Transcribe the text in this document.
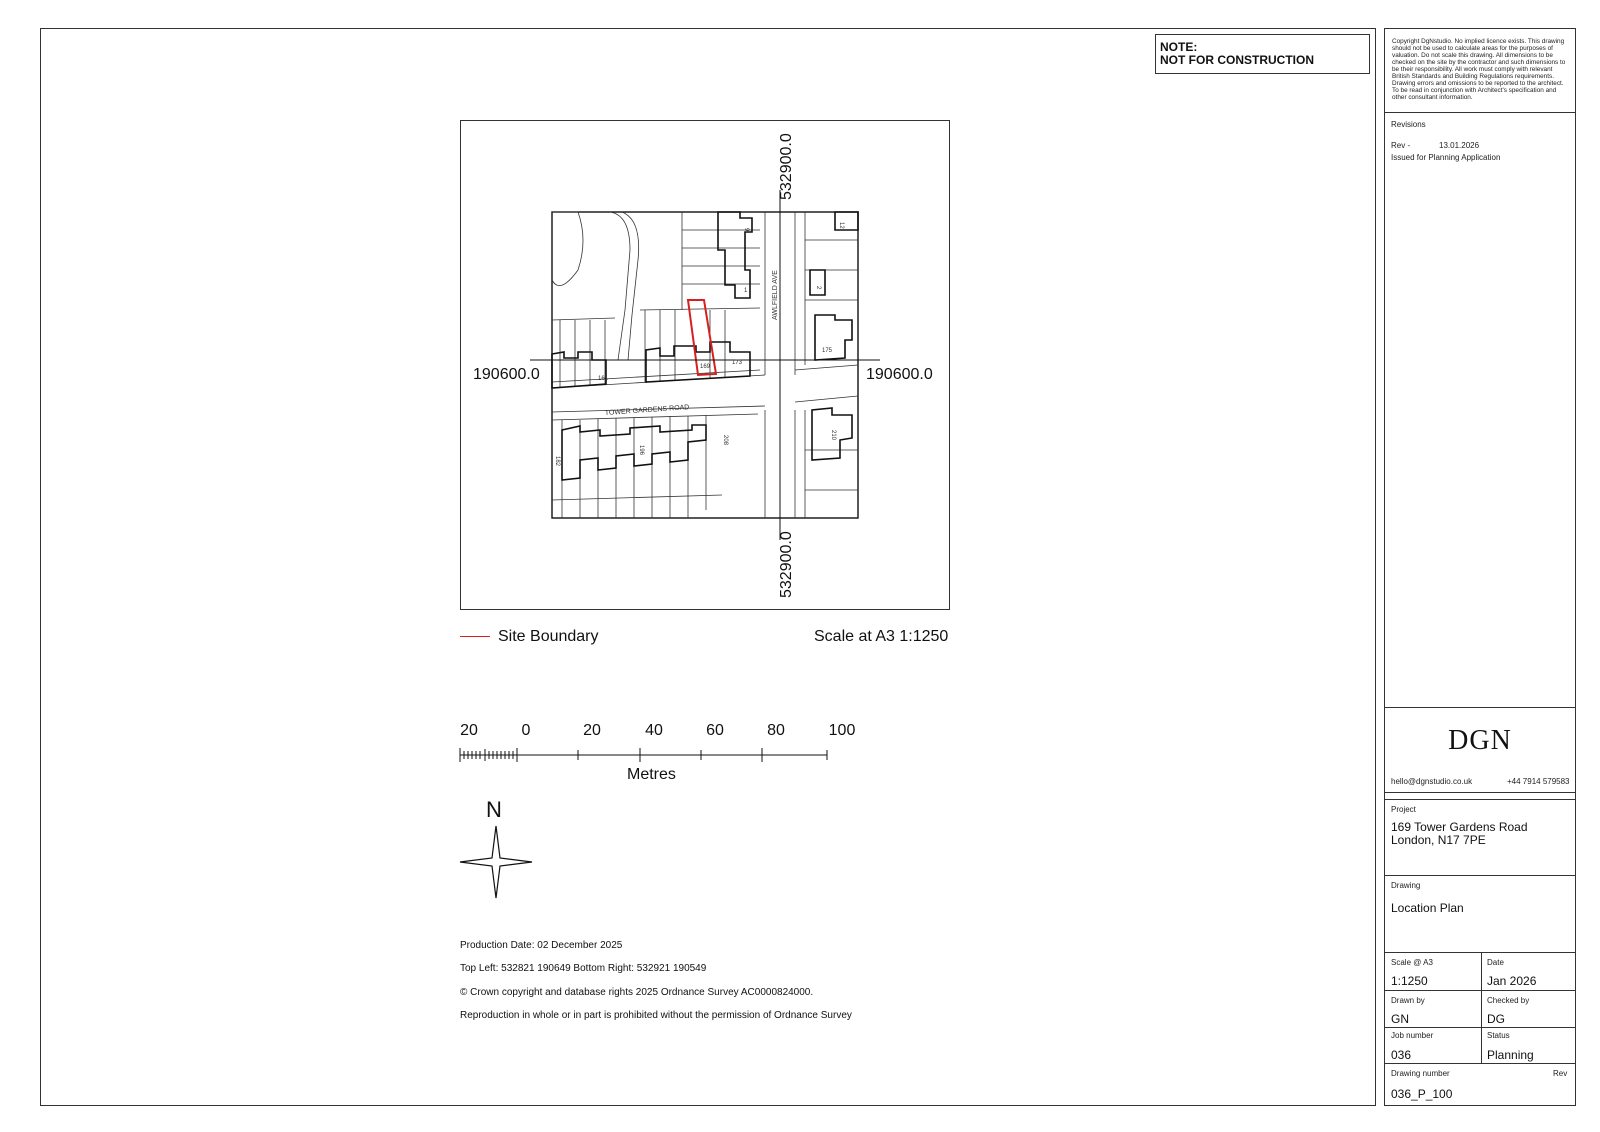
NOTE:
NOT FOR CONSTRUCTION
TOWER GARDENS ROAD
AWLFIELD AVE
169
173
161
175
210
196
208
182
9
1
2
12
532900.0
532900.0
190600.0	190600.0
Site Boundary	Scale at A3 1:1250
20	0	20	40	60	80	100
Metres
N
Production Date: 02 December 2025
Top Left: 532821 190649 Bottom Right: 532921 190549
© Crown copyright and database rights 2025 Ordnance Survey AC0000824000.
Reproduction in whole or in part is prohibited without the permission of Ordnance Survey
Copyright DgNstudio. No implied licence exists. This drawing should not be used to calculate areas for the purposes of valuation. Do not scale this drawing. All dimensions to be checked on the site by the contractor and such dimensions to be their responsibility. All work must comply with relevant British Standards and Building Regulations requirements. Drawing errors and omissions to be reported to the architect. To be read in conjunction with Architect's specification and other consultant information.
Revisions
Rev -	13.01.2026
Issued for Planning Application
DGN
hello@dgnstudio.co.uk	+44 7914 579583
Project
169 Tower Gardens Road
London, N17 7PE
Drawing
Location Plan
Scale @ A3
1:1250
Date
Jan 2026
Drawn by
GN
Checked by
DG
Job number
036
Status
Planning
Drawing number	Rev
036_P_100
